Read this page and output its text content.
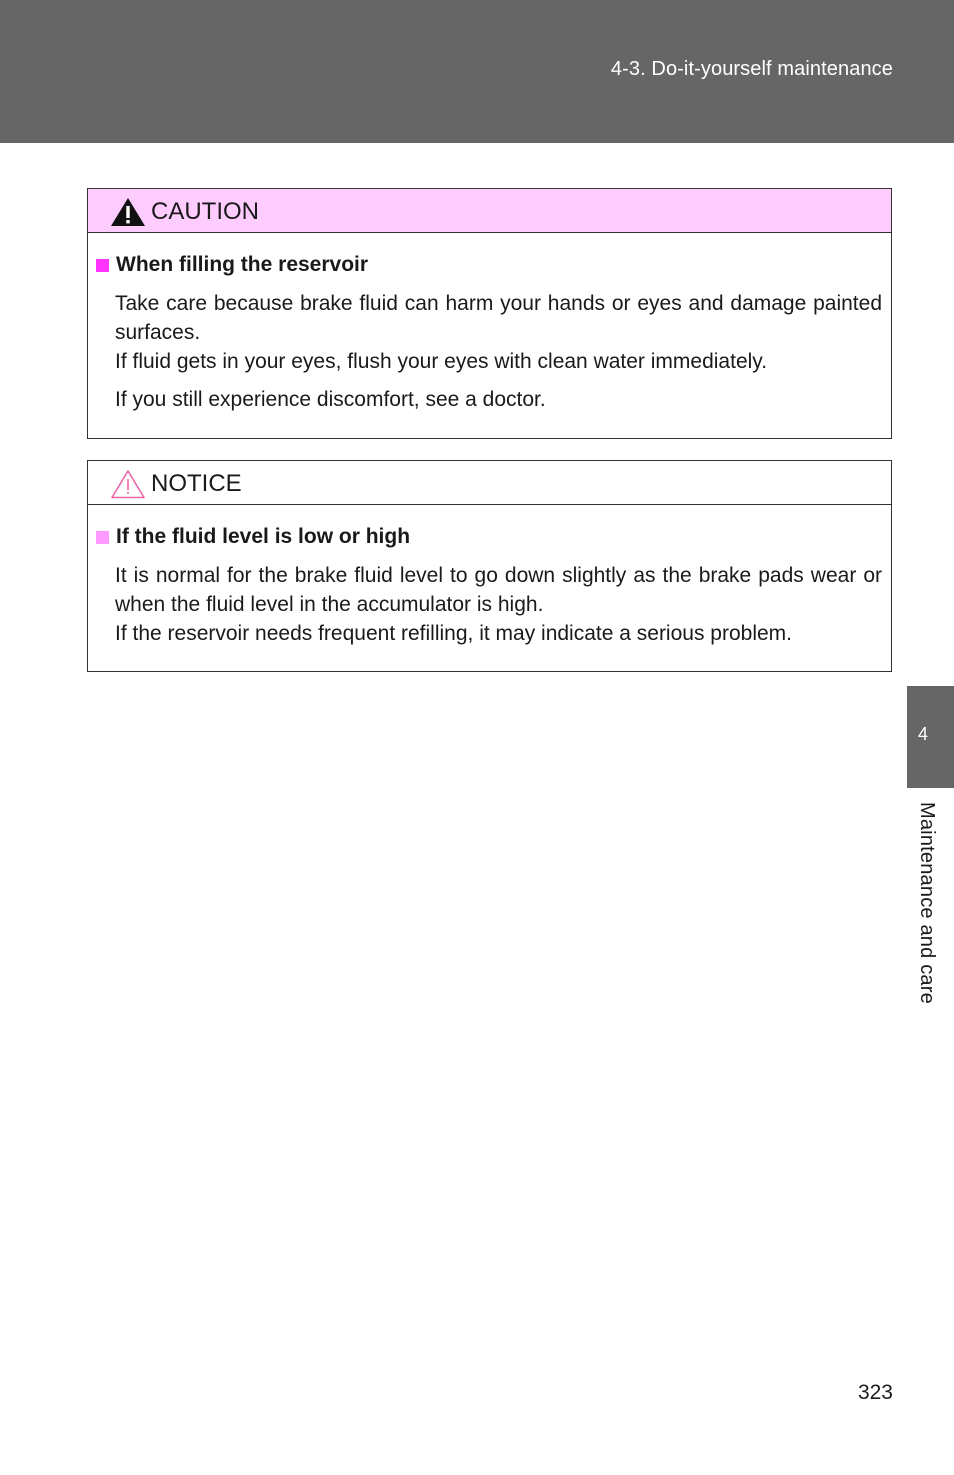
4-3. Do-it-yourself maintenance
CAUTION
When filling the reservoir
Take care because brake fluid can harm your hands or eyes and damage painted surfaces.
If fluid gets in your eyes, flush your eyes with clean water immediately.
If you still experience discomfort, see a doctor.
NOTICE
If the fluid level is low or high
It is normal for the brake fluid level to go down slightly as the brake pads wear or when the fluid level in the accumulator is high.
If the reservoir needs frequent refilling, it may indicate a serious problem.
4
Maintenance and care
323
